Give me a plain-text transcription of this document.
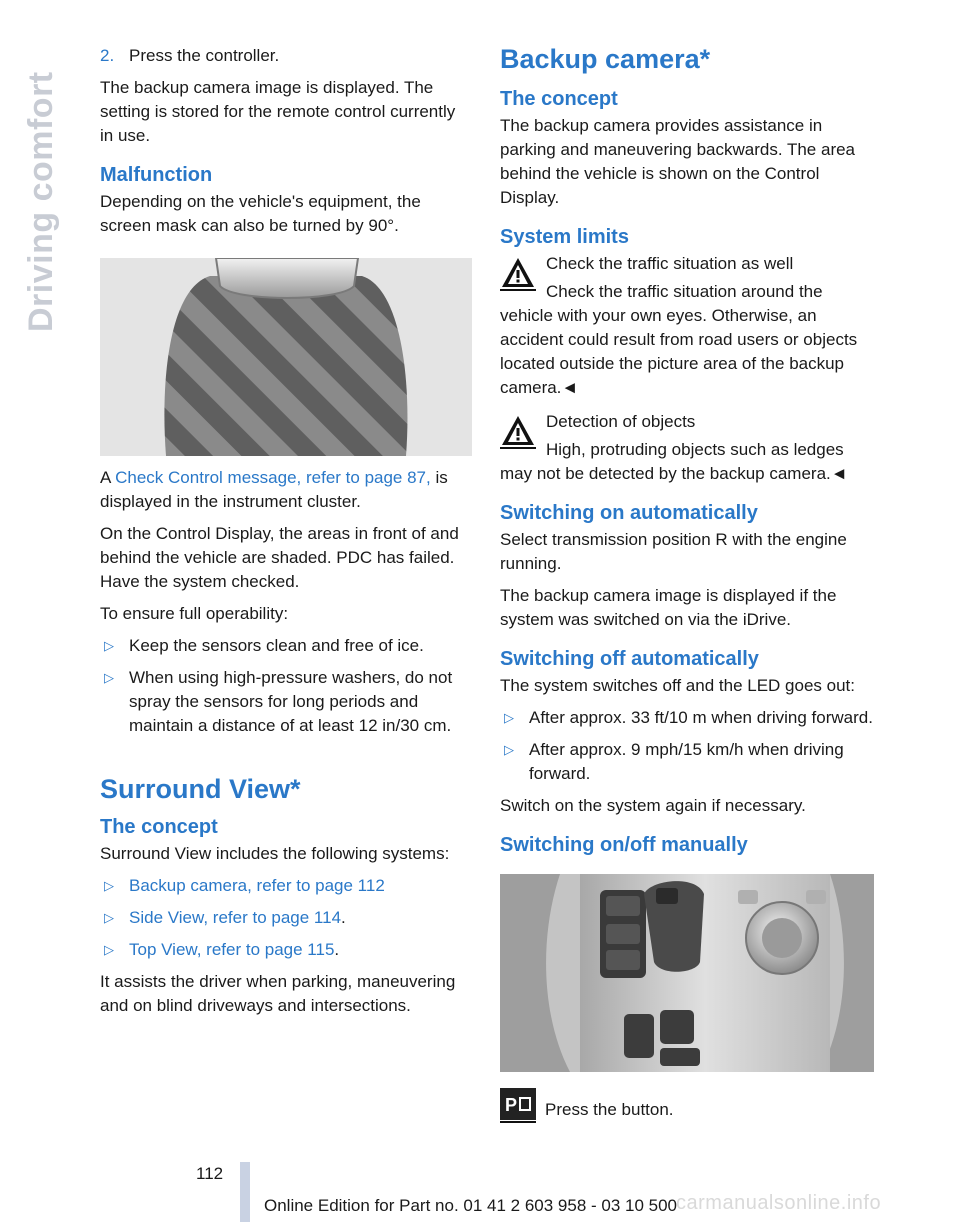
Driving comfort

2. Press the controller.

The backup camera image is displayed. The setting is stored for the remote control currently in use.

Malfunction

Depending on the vehicle's equipment, the screen mask can also be turned by 90°.

A Check Control message, refer to page 87, is displayed in the instrument cluster.

On the Control Display, the areas in front of and behind the vehicle are shaded. PDC has failed. Have the system checked.

To ensure full operability:

▷ Keep the sensors clean and free of ice.
▷ When using high-pressure washers, do not spray the sensors for long periods and maintain a distance of at least 12 in/30 cm.
Surround View*
The concept

Surround View includes the following systems:

▷ Backup camera, refer to page 112
▷ Side View, refer to page 114.
▷ Top View, refer to page 115.

It assists the driver when parking, maneuvering and on blind driveways and intersections.

Backup camera*
The concept

The backup camera provides assistance in parking and maneuvering backwards. The area behind the vehicle is shown on the Control Display.

System limits

Check the traffic situation as well

Check the traffic situation around the vehicle with your own eyes. Otherwise, an accident could result from road users or objects located outside the picture area of the backup camera.◄

Detection of objects

High, protruding objects such as ledges may not be detected by the backup camera.◄

Switching on automatically

Select transmission position R with the engine running.

The backup camera image is displayed if the system was switched on via the iDrive.

Switching off automatically

The system switches off and the LED goes out:

▷ After approx. 33 ft/10 m when driving forward.
▷ After approx. 9 mph/15 km/h when driving forward.

Switch on the system again if necessary.

Switching on/off manually
P Press the button.

112
Online Edition for Part no. 01 41 2 603 958 - 03 10 500
carmanualsonline.info
